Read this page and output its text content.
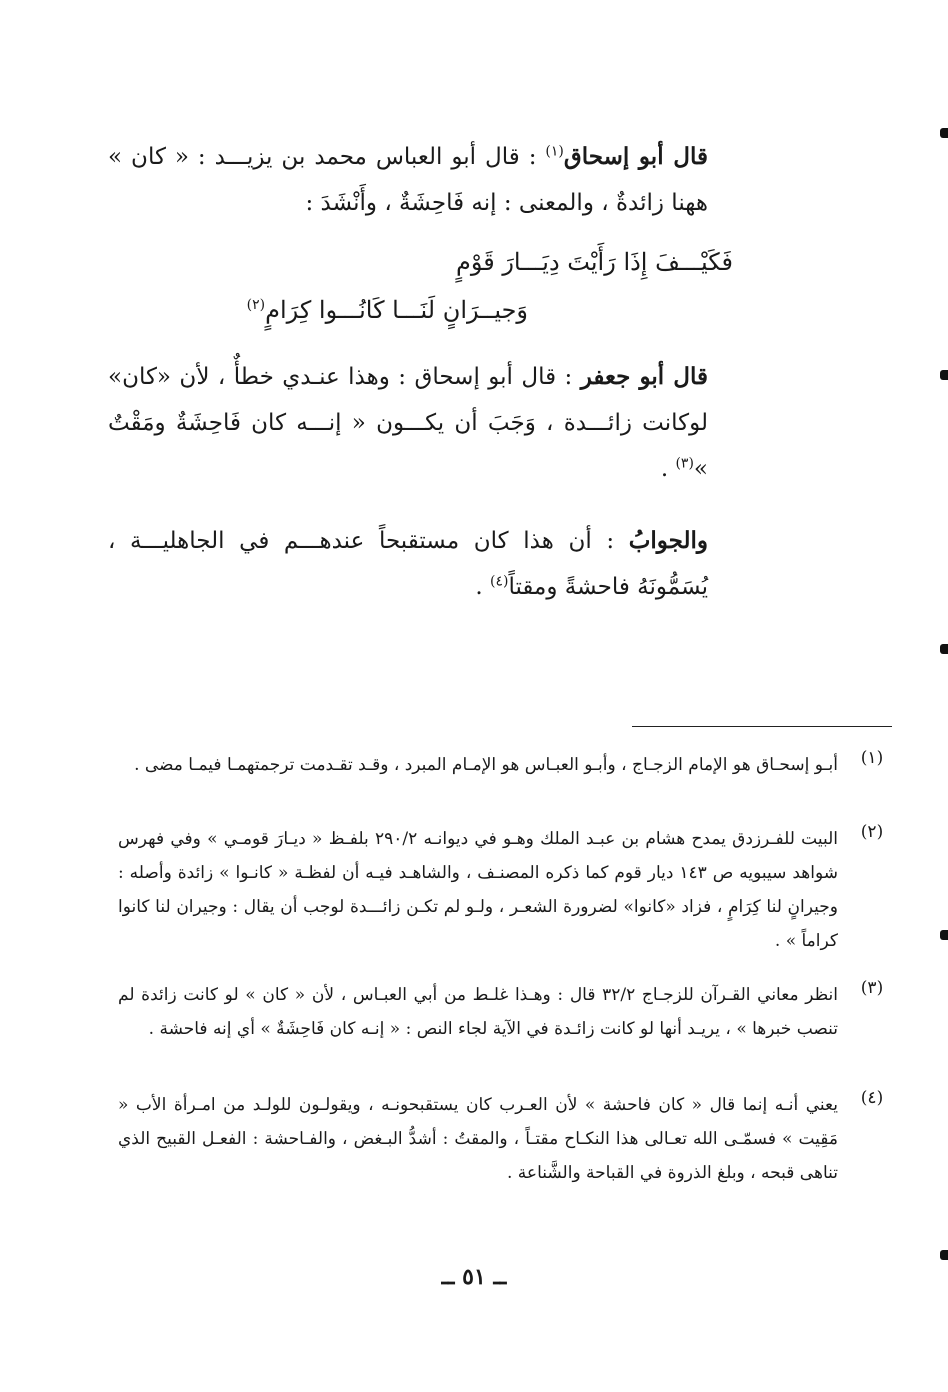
قال أبو إسحاق$^{(١)}$ : قال أبو العباس محمد بن يزيـــد : « كان » ههنا زائدةٌ ، والمعنى : إنه فَاحِشَةٌ ، وأَنْشَدَ :

فَكَيْـــفَ إِذَا رَأَيْتَ دِيَـــارَ قَوْمٍ
وَجيــرَانٍ لَنَـــا كَانُـــوا كِرَامٍ$^{(٢)}$

قال أبو جعفر : قال أبو إسحاق : وهذا عنـدي خطأٌ ، لأن «كان» لوكانت زائـــدة ، وَجَبَ أن يكـــون « إنـــه كان فَاحِشَةٌ ومَقْتٌ »$^{(٣)}$ .

والجوابُ : أن هذا كان مستقبحاً عندهـــم في الجاهليـــة ، يُسَمُّونَهُ فاحشةً ومقتاً$^{(٤)}$ .

(١)

أبـو إسحـاق هو الإمام الزجـاج ، وأبـو العبـاس هو الإمـام المبرد ، وقـد تقـدمت ترجمتهمـا فيمـا مضى .

(٢)

البيت للفـرزدق يمدح هشام بن عبـد الملك وهـو في ديوانـه ٢٩٠/٢ بلفـظ « ديـارَ قومـي » وفي فهرس شواهد سيبويه ص ١٤٣ ديار قوم كما ذكره المصنـف ، والشاهـد فيـه أن لفظـة « كانـوا » زائدة وأصله : وجيرانٍ لنا كِرَامٍ ، فزاد «كانوا» لضرورة الشعـر ، ولـو لم تكـن زائـــدة لوجب أن يقال : وجيران لنا كانوا كراماً » .

(٣)

انظر معاني القـرآن للزجـاج ٣٢/٢ قال : وهـذا غلـط من أبي العبـاس ، لأن « كان » لو كانت زائدة لم تنصب خبرها » ، يريـد أنها لو كانت زائـدة في الآية لجاء النص : « إنـه كان فَاحِشَةٌ » أي إنه فاحشة .

(٤)

يعني أنـه إنما قال « كان فاحشة » لأن العـرب كان يستقبحونـه ، ويقولـون للولـد من امـرأة الأب « مَقِيت » فسمّـى الله تعـالى هذا النكـاح مقتـاً ، والمقتُ : أشدُّ البـغض ، والفـاحشة : الفعـل القبيح الذي تناهى قبحه ، وبلغ الذروة في القباحة والشَّناعة .

ــ ٥١ ــ
